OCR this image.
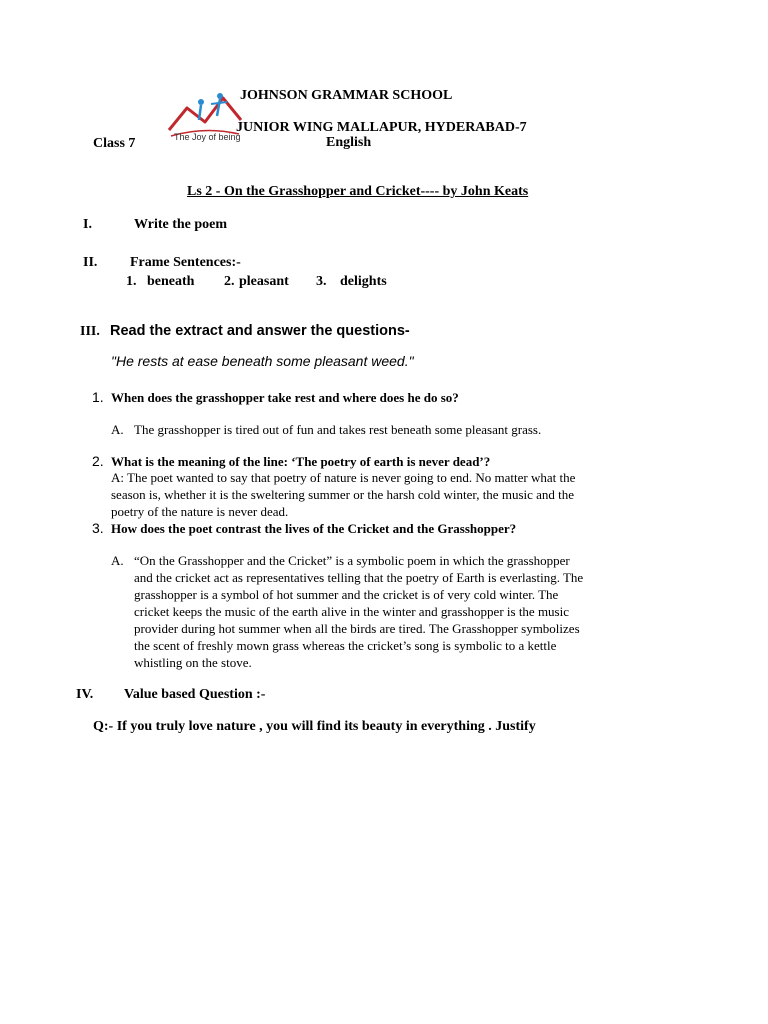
The Joy of being
JOHNSON GRAMMAR SCHOOL
JUNIOR WING MALLAPUR, HYDERABAD-7
Class 7	English
Ls 2 - On the Grasshopper and Cricket---- by John Keats
I.	Write the poem
II. Frame Sentences:-
1. beneath 2. pleasant 3. delights
III. Read the extract and answer the questions-
"He rests at ease beneath some pleasant weed."
1. When does the grasshopper take rest and where does he do so?
A. The grasshopper is tired out of fun and takes rest beneath some pleasant grass.
2. What is the meaning of the line: ‘The poetry of earth is never dead’?
A: The poet wanted to say that poetry of nature is never going to end. No matter what the
season is, whether it is the sweltering summer or the harsh cold winter, the music and the
poetry of the nature is never dead.
3. How does the poet contrast the lives of the Cricket and the Grasshopper?
A. “On the Grasshopper and the Cricket” is a symbolic poem in which the grasshopper
and the cricket act as representatives telling that the poetry of Earth is everlasting. The
grasshopper is a symbol of hot summer and the cricket is of very cold winter. The
cricket keeps the music of the earth alive in the winter and grasshopper is the music
provider during hot summer when all the birds are tired. The Grasshopper symbolizes
the scent of freshly mown grass whereas the cricket’s song is symbolic to a kettle
whistling on the stove.
IV. Value based Question :-
Q:- If you truly love nature , you will find its beauty in everything . Justify
